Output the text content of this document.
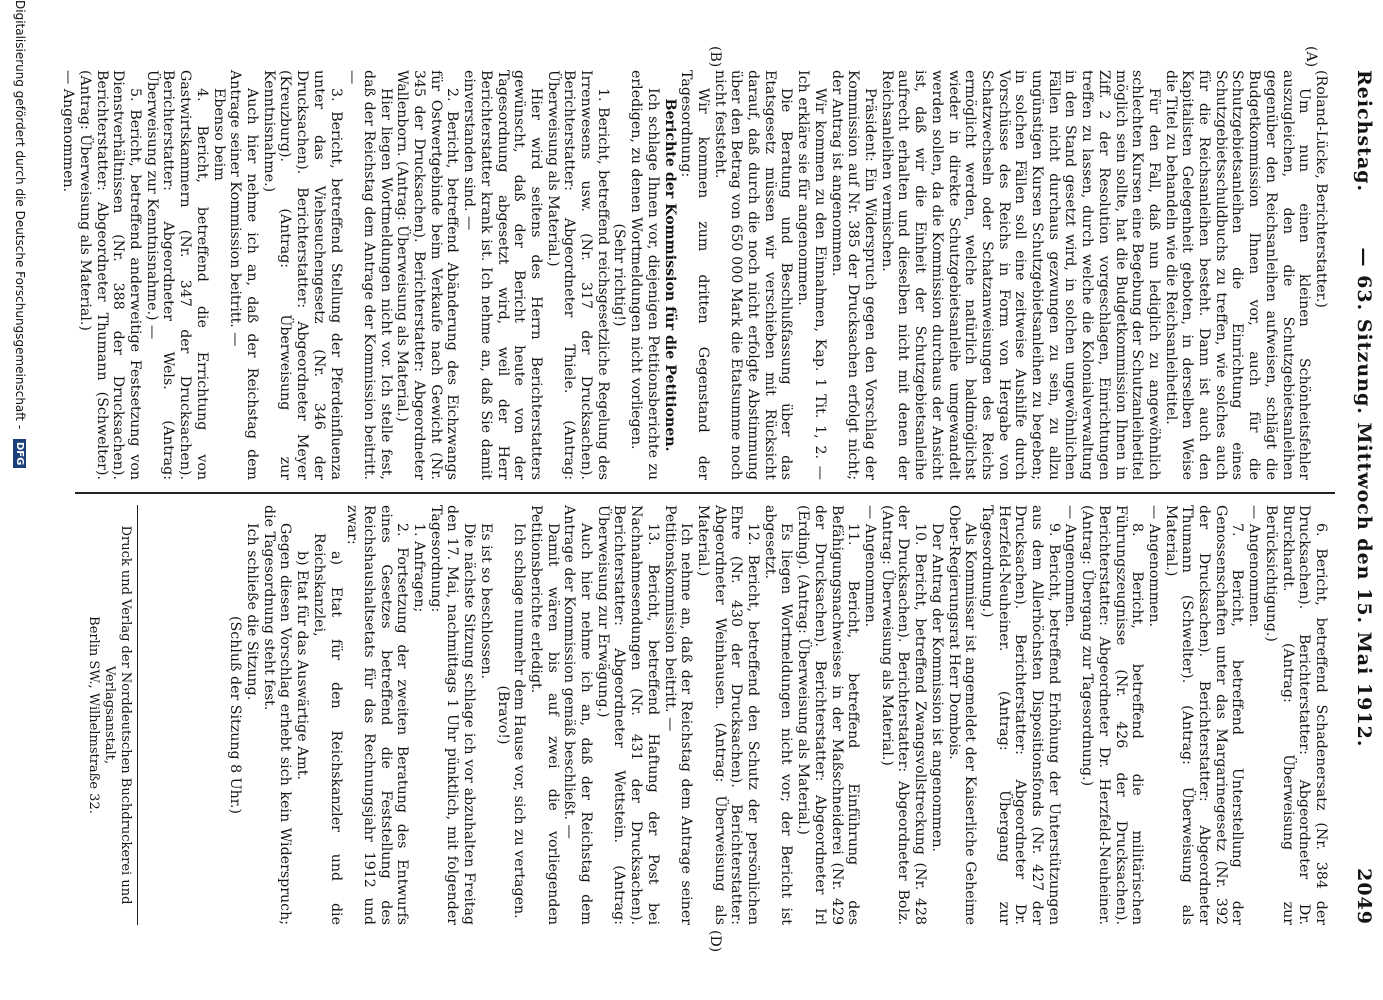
Reichstag.
— 63. Sitzung. Mittwoch den 15. Mai 1912.
2049
(A)
(B)
(D)

(Roland-Lücke, Berichterstatter.)

Um nun einen kleinen Schönheitsfehler auszugleichen, den die Schutzgebietsanleihen gegenüber den Reichsanleihen aufweisen, schlägt die Budgetkommission Ihnen vor, auch für die Schutzgebietsanleihen die Einrichtung eines Schutzgebietsschuldbuchs zu treffen, wie solches auch für die Reichsanleihen besteht. Dann ist auch den Kapitalisten Gelegenheit geboten, in derselben Weise die Titel zu behandeln wie die Reichsanleihetitel.

Für den Fall, daß nun lediglich zu angewöhnlich schlechten Kursen eine Begebung der Schutzanleihetitel möglich sein sollte, hat die Budgetkommission Ihnen in Ziff. 2 der Resolution vorgeschlagen, Einrichtungen treffen zu lassen, durch welche die Kolonialverwaltung in den Stand gesetzt wird, in solchen ungewöhnlichen Fällen nicht durchaus gezwungen zu sein, zu allzu ungünstigen Kursen Schutzgebietsanleihen zu begeben; in solchen Fällen soll eine zeitweise Aushilfe durch Vorschüsse des Reichs in Form von Hergabe von Schatzwechseln oder Schatzanweisungen des Reichs ermöglicht werden, welche natürlich baldmöglichst wieder in direkte Schutzgebietsanleihe umgewandelt werden sollen, da die Kommission durchaus der Ansicht ist, daß wir die Einheit der Schutzgebietsanleihe aufrecht erhalten und dieselben nicht mit denen der Reichsanleihen vermischen.

Präsident: Ein Widerspruch gegen den Vorschlag der Kommission auf Nr. 385 der Drucksachen erfolgt nicht; der Antrag ist angenommen.

Wir kommen zu den Einnahmen, Kap. 1 Tit. 1, 2. — Ich erkläre sie für angenommen.

Die Beratung und Beschlußfassung über das Etatsgesetz müssen wir verschieben mit Rücksicht darauf, daß durch die noch nicht erfolgte Abstimmung über den Betrag von 650 000 Mark die Etatsumme noch nicht feststeht.

Wir kommen zum dritten Gegenstand der Tagesordnung:

Berichte der Kommission für die Petitionen.

Ich schlage Ihnen vor, diejenigen Petitionsberichte zu erledigen, zu denen Wortmeldungen nicht vorliegen.

(Sehr richtig!)

1. Bericht, betreffend reichsgesetzliche Regelung des Irrenwesens usw. (Nr. 317 der Drucksachen). Berichterstatter: Abgeordneter Thiele. (Antrag: Überweisung als Material.)

Hier wird seitens des Herrn Berichterstatters gewünscht, daß der Bericht heute von der Tagesordnung abgesetzt wird, weil der Herr Berichterstatter krank ist. Ich nehme an, daß Sie damit einverstanden sind. —

2. Bericht, betreffend Abänderung des Eichzwangs für Ostwertgebinde beim Verkaufe nach Gewicht (Nr. 345 der Drucksachen). Berichterstatter: Abgeordneter Wallenborn. (Antrag: Überweisung als Material.)

Hier liegen Wortmeldungen nicht vor. Ich stelle fest, daß der Reichstag dem Antrage der Kommission beitritt. —

3. Bericht, betreffend Stellung der Pferdeinfluenza unter das Viehseuchengesetz (Nr. 346 der Drucksachen). Berichterstatter: Abgeordneter Meyer (Kreuzburg). (Antrag: Überweisung zur Kenntnisnahme.)

Auch hier nehme ich an, daß der Reichstag dem Antrage seiner Kommission beitritt. —

Ebenso beim

4. Bericht, betreffend die Errichtung von Gastwirtskammern (Nr. 347 der Drucksachen). Berichterstatter: Abgeordneter Wels. (Antrag: Überweisung zur Kenntnisnahme.) —

5. Bericht, betreffend anderweitige Festsetzung von Dienstverhältnissen (Nr. 388 der Drucksachen). Berichterstatter: Abgeordneter Thumann (Schwelter). (Antrag: Überweisung als Material.)

— Angenommen.

6. Bericht, betreffend Schadenersatz (Nr. 384 der Drucksachen). Berichterstatter: Abgeordneter Dr. Burckhardt. (Antrag: Überweisung zur Berücksichtigung.)

— Angenommen.

7. Bericht, betreffend Unterstellung der Genossenschaften unter das Margarinegesetz (Nr. 392 der Drucksachen). Berichterstatter: Abgeordneter Thumann (Schwelter). (Antrag: Überweisung als Material.)

— Angenommen.

8. Bericht, betreffend die militärischen Führungszeugnisse (Nr. 426 der Drucksachen). Berichterstatter: Abgeordneter Dr. Herzfeld-Neuheiner. (Antrag: Übergang zur Tagesordnung.)

— Angenommen.

9. Bericht, betreffend Erhöhung der Unterstützungen aus dem Allerhöchsten Dispositionsfonds (Nr. 427 der Drucksachen). Berichterstatter: Abgeordneter Dr. Herzfeld-Neuheiner. (Antrag: Übergang zur Tagesordnung.)

Als Kommissar ist angemeldet der Kaiserliche Geheime Ober-Regierungsrat Herr Dombois.

Der Antrag der Kommission ist angenommen.

10. Bericht, betreffend Zwangsvollstreckung (Nr. 428 der Drucksachen). Berichterstatter: Abgeordneter Bolz. (Antrag: Überweisung als Material.)

— Angenommen.

11. Bericht, betreffend Einführung des Befähigungsnachweises in der Maßschneiderei (Nr. 429 der Drucksachen). Berichterstatter: Abgeordneter Irl (Erding). (Antrag: Überweisung als Material.)

Es liegen Wortmeldungen nicht vor; der Bericht ist abgesetzt.

12. Bericht, betreffend den Schutz der persönlichen Ehre (Nr. 430 der Drucksachen). Berichterstatter: Abgeordneter Weinhausen. (Antrag: Überweisung als Material.)

Ich nehme an, daß der Reichstag dem Antrage seiner Petitionskommission beitritt. —

13. Bericht, betreffend Haftung der Post bei Nachnahmesendungen (Nr. 431 der Drucksachen). Berichterstatter: Abgeordneter Wettstein. (Antrag: Überweisung zur Erwägung.)

Auch hier nehme ich an, daß der Reichstag dem Antrage der Kommission gemäß beschließt. —

Damit wären bis auf zwei die vorliegenden Petitionsberichte erledigt.

Ich schlage nunmehr dem Hause vor, sich zu vertagen.

(Bravo!)

Es ist so beschlossen.

Die nächste Sitzung schlage ich vor abzuhalten Freitag den 17. Mai, nachmittags 1 Uhr pünktlich, mit folgender Tagesordnung:

1. Anfragen;

2. Fortsetzung der zweiten Beratung des Entwurfs eines Gesetzes betreffend die Feststellung des Reichshaushaltsetats für das Rechnungsjahr 1912 und zwar:

a) Etat für den Reichskanzler und die Reichskanzlei,

b) Etat für das Auswärtige Amt.

Gegen diesen Vorschlag erhebt sich kein Widerspruch; die Tagesordnung steht fest.

Ich schließe die Sitzung.

(Schluß der Sitzung 8 Uhr.)

Druck und Verlag der Norddeutschen Buchdruckerei und Verlagsanstalt,
Berlin SW., Wilhelmstraße 32.
Digitalisierung gefördert durch die Deutsche Forschungsgemeinschaft - DFG
